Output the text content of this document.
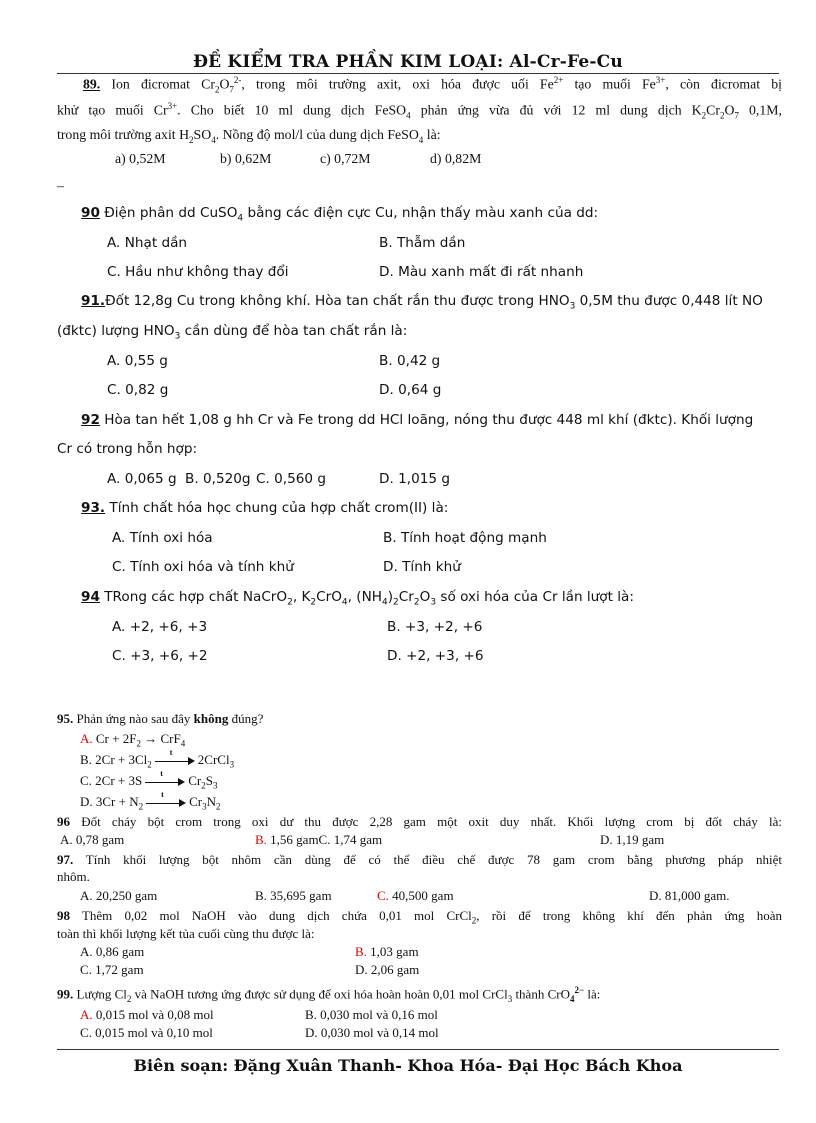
ĐỀ KIỂM TRA PHẦN KIM LOẠI: Al-Cr-Fe-Cu
89. Ion đicromat $Cr_2O_7^{2-}$, trong môi trường axit, oxi hóa được uối $Fe^{2+}$ tạo muối $Fe^{3+}$, còn đicromat bị
khử tạo muối $Cr^{3+}$. Cho biết 10 ml dung dịch FeSO$_4$ phản ứng vừa đủ với 12 ml dung dịch $K_2Cr_2O_7$ 0,1M,
trong môi trường axit $H_2SO_4$. Nồng độ mol/l của dung dịch FeSO$_4$ là:
a) 0,52M	b) 0,62M	c) 0,72M	d) 0,82M
–
90 Điện phân dd CuSO$_4$ bằng các điện cực Cu, nhận thấy màu xanh của dd:
A. Nhạt dần	B. Thẫm dần
C. Hầu như không thay đổi	D. Màu xanh mất đi rất nhanh
91.Đốt 12,8g Cu trong không khí. Hòa tan chất rắn thu được trong $HNO_3$ 0,5M thu được 0,448 lít NO
(đktc) lượng $HNO_3$ cần dùng để hòa tan chất rắn là:
A. 0,55 g	B. 0,42 g
C. 0,82 g	D. 0,64 g
92 Hòa tan hết 1,08 g hh Cr và Fe trong dd HCl loãng, nóng thu được 448 ml khí (đktc). Khối lượng
Cr có trong hỗn hợp:
A. 0,065 g B. 0,520g C. 0,560 g	D. 1,015 g
93. Tính chất hóa học chung của hợp chất crom(II) là:
A. Tính oxi hóa	B. Tính hoạt động mạnh
C. Tính oxi hóa và tính khử	D. Tính khử
94 TRong các hợp chất NaCrO$_2$, $K_2CrO_4$, $(NH_4)_2Cr_2O_3$ số oxi hóa của Cr lần lượt là:
A. +2, +6, +3	B. +3, +2, +6
C. +3, +6, +2	D. +2, +3, +6
95. Phản ứng nào sau đây không đúng?
A. $Cr + 2F_2 \to CrF_4$
B. $2Cr + 3Cl_2$
t 2CrCl$_3$
C. 2Cr + 3S t $Cr_2S_3$
D. $3Cr + N_2$
t $Cr_3N_2$
96 Đốt cháy bột crom trong oxi dư thu được 2,28 gam một oxit duy nhất. Khối lượng crom bị đốt cháy là:
A. 0,78 gam	B. 1,56 gamC. 1,74 gam	D. 1,19 gam
97. Tính khối lượng bột nhôm cần dùng để có thể điều chế được 78 gam crom bằng phương pháp nhiệt
nhôm.
A. 20,250 gam	B. 35,695 gam	C. 40,500 gam	D. 81,000 gam.
98 Thêm 0,02 mol NaOH vào dung dịch chứa 0,01 mol CrCl$_2$, rồi để trong không khí đến phản ứng hoàn
toàn thì khối lượng kết tủa cuối cùng thu được là:
A. 0,86 gam	B. 1,03 gam
C. 1,72 gam	D. 2,06 gam
99. Lượng $Cl_2$ và NaOH tương ứng được sử dụng để oxi hóa hoàn hoàn 0,01 mol CrCl$_3$ thành CrO$_4^{2-}$ là:
A. 0,015 mol và 0,08 mol	B. 0,030 mol và 0,16 mol
C. 0,015 mol và 0,10 mol	D. 0,030 mol và 0,14 mol
Biên soạn: Đặng Xuân Thanh- Khoa Hóa- Đại Học Bách Khoa
